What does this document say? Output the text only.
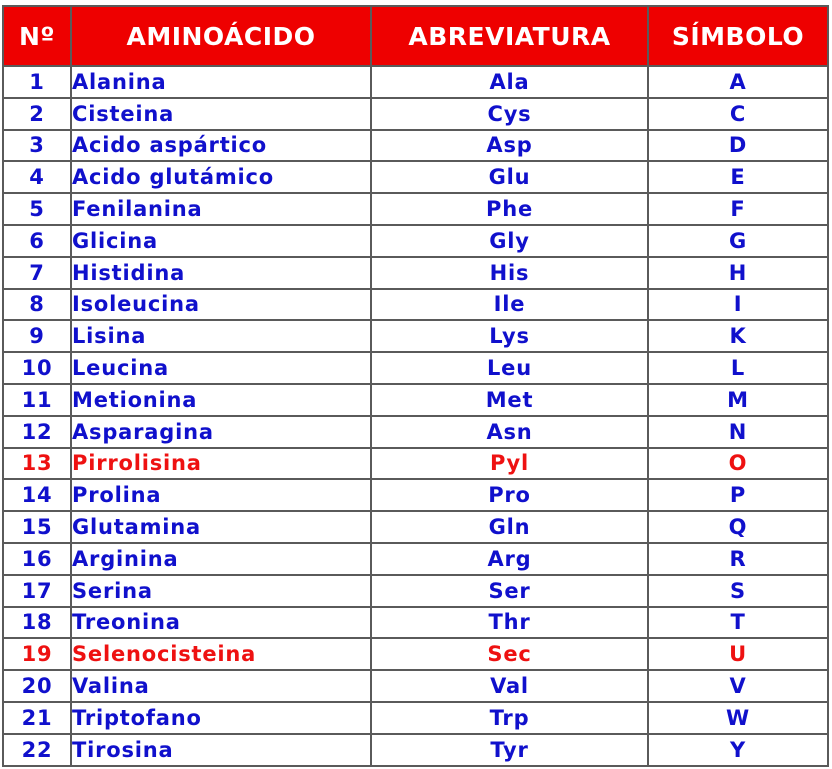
Nº	AMINOÁCIDO	ABREVIATURA	SÍMBOLO
1	Alanina	Ala	A
2	Cisteina	Cys	C
3	Acido aspártico	Asp	D
4	Acido glutámico	Glu	E
5	Fenilanina	Phe	F
6	Glicina	Gly	G
7	Histidina	His	H
8	Isoleucina	Ile	I
9	Lisina	Lys	K
10	Leucina	Leu	L
11	Metionina	Met	M
12	Asparagina	Asn	N
13	Pirrolisina	Pyl	O
14	Prolina	Pro	P
15	Glutamina	Gln	Q
16	Arginina	Arg	R
17	Serina	Ser	S
18	Treonina	Thr	T
19	Selenocisteina	Sec	U
20	Valina	Val	V
21	Triptofano	Trp	W
22	Tirosina	Tyr	Y
